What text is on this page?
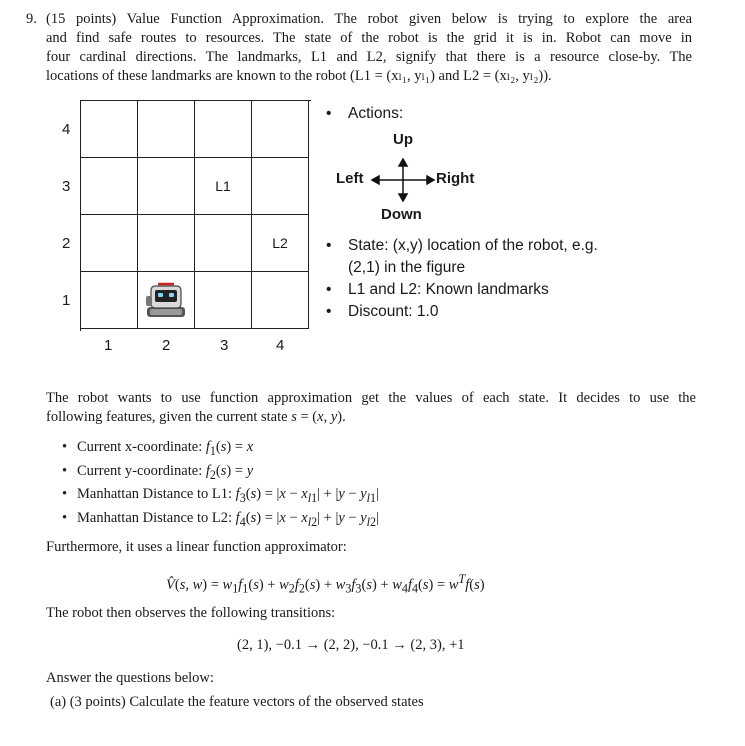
9. (15 points) Value Function Approximation. The robot given below is trying to explore the area
and find safe routes to resources. The state of the robot is the grid it is in. Robot can move in
four cardinal directions. The landmarks, L1 and L2, signify that there is a resource close-by. The
locations of these landmarks are known to the robot (L1 = (xₗ₁, yₗ₁) and L2 = (xₗ₂, yₗ₂)).
L1
L2
4
3
2
1
1	2	3	4
• Actions:
Up
Left	Right
Down
• State: (x,y) location of the robot, e.g.
(2,1) in the figure
• L1 and L2: Known landmarks
• Discount: 1.0
The robot wants to use function approximation get the values of each state. It decides to use the
following features, given the current state s = (x, y).
• Current x-coordinate: $f_1(s) = x$
• Current y-coordinate: $f_2(s) = y$
• Manhattan Distance to L1: $f_3(s) = |x - x_{l1}| + |y - y_{l1}|$
• Manhattan Distance to L2: $f_4(s) = |x - x_{l2}| + |y - y_{l2}|$
Furthermore, it uses a linear function approximator:
V̂(s, $w) = w_1f_1(s) + w_2f_2(s) + w_3f_3(s) + w_4f_4(s) = w^Tf(s)$
The robot then observes the following transitions:
(2, 1), −0.1 → (2, 2), −0.1 → (2, 3), +1
Answer the questions below:
(a) (3 points) Calculate the feature vectors of the observed states
